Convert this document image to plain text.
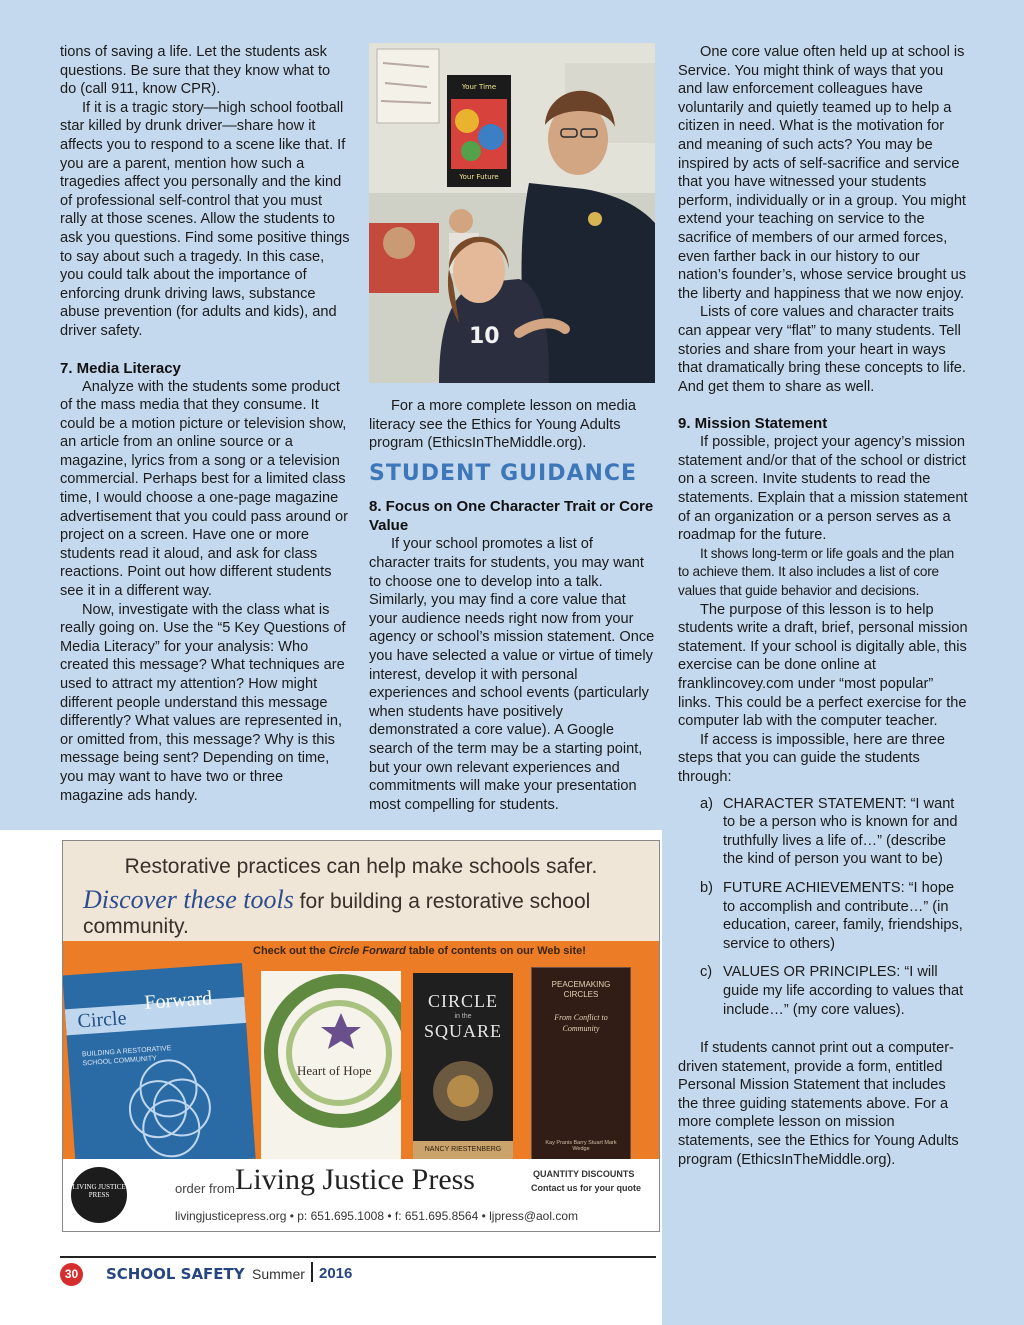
tions of saving a life. Let the students ask questions. Be sure that they know what to do (call 911, know CPR).

If it is a tragic story—high school football star killed by drunk driver—share how it affects you to respond to a scene like that. If you are a parent, mention how such a tragedies affect you personally and the kind of professional self-control that you must rally at those scenes. Allow the students to ask you questions. Find some positive things to say about such a tragedy. In this case, you could talk about the importance of enforcing drunk driving laws, substance abuse prevention (for adults and kids), and driver safety.

7. Media Literacy

Analyze with the students some product of the mass media that they consume. It could be a motion picture or television show, an article from an online source or a magazine, lyrics from a song or a television commercial. Perhaps best for a limited class time, I would choose a one-page magazine advertisement that you could pass around or project on a screen. Have one or more students read it aloud, and ask for class reactions. Point out how different students see it in a different way.

Now, investigate with the class what is really going on. Use the “5 Key Questions of Media Literacy” for your analysis: Who created this message? What techniques are used to attract my attention? How might different people understand this message differently? What values are represented in, or omitted from, this message? Why is this message being sent? Depending on time, you may want to have two or three magazine ads handy.

Your Time
Your Future
10

For a more complete lesson on media literacy see the Ethics for Young Adults program (EthicsInTheMiddle.org).

STUDENT GUIDANCE
8. Focus on One Character Trait or Core Value

If your school promotes a list of character traits for students, you may want to choose one to develop into a talk. Similarly, you may find a core value that your audience needs right now from your agency or school’s mission statement. Once you have selected a value or virtue of timely interest, develop it with personal experiences and school events (particularly when students have positively demonstrated a core value). A Google search of the term may be a starting point, but your own relevant experiences and commitments will make your presentation most compelling for students.

One core value often held up at school is Service. You might think of ways that you and law enforcement colleagues have voluntarily and quietly teamed up to help a citizen in need. What is the motivation for and meaning of such acts? You may be inspired by acts of self-sacrifice and service that you have witnessed your students perform, individually or in a group. You might extend your teaching on service to the sacrifice of members of our armed forces, even farther back in our history to our nation’s founder’s, whose service brought us the liberty and happiness that we now enjoy.

Lists of core values and character traits can appear very “flat” to many students. Tell stories and share from your heart in ways that dramatically bring these concepts to life. And get them to share as well.

9. Mission Statement

If possible, project your agency’s mission statement and/or that of the school or district on a screen. Invite students to read the statements. Explain that a mission statement of an organization or a person serves as a roadmap for the future.

It shows long-term or life goals and the plan to achieve them. It also includes a list of core values that guide behavior and decisions.

The purpose of this lesson is to help students write a draft, brief, personal mission statement. If your school is digitally able, this exercise can be done online at franklincovey.com under “most popular” links. This could be a perfect exercise for the computer lab with the computer teacher.

If access is impossible, here are three steps that you can guide the students through:

a) CHARACTER STATEMENT: “I want to be a person who is known for and truthfully lives a life of…” (describe the kind of person you want to be)
b) FUTURE ACHIEVEMENTS: “I hope to accomplish and contribute…” (in education, career, family, friendships, service to others)
c) VALUES OR PRINCIPLES: “I will guide my life according to values that include…” (my core values).

If students cannot print out a computer-driven statement, provide a form, entitled Personal Mission Statement that includes the three guiding statements above. For a more complete lesson on mission statements, see the Ethics for Young Adults program (EthicsInTheMiddle.org).

Restorative practices can help make schools safer.
Discover these tools for building a restorative school community.
Check out the Circle Forward table of contents on our Web site!
Circle
Forward
BUILDING A RESTORATIVE SCHOOL COMMUNITY
Heart of Hope
CIRCLE
in the
SQUARE
NANCY RIESTENBERG
PEACEMAKING CIRCLES
From Conflict to Community
Kay Pranis Barry Stuart Mark Wedge
LIVING JUSTICE PRESS	order from Living Justice Press
livingjusticepress.org • p: 651.695.1008 • f: 651.695.8564 • ljpress@aol.com
QUANTITY DISCOUNTS
Contact us for your quote
30	SCHOOL SAFETY Summer 2016
